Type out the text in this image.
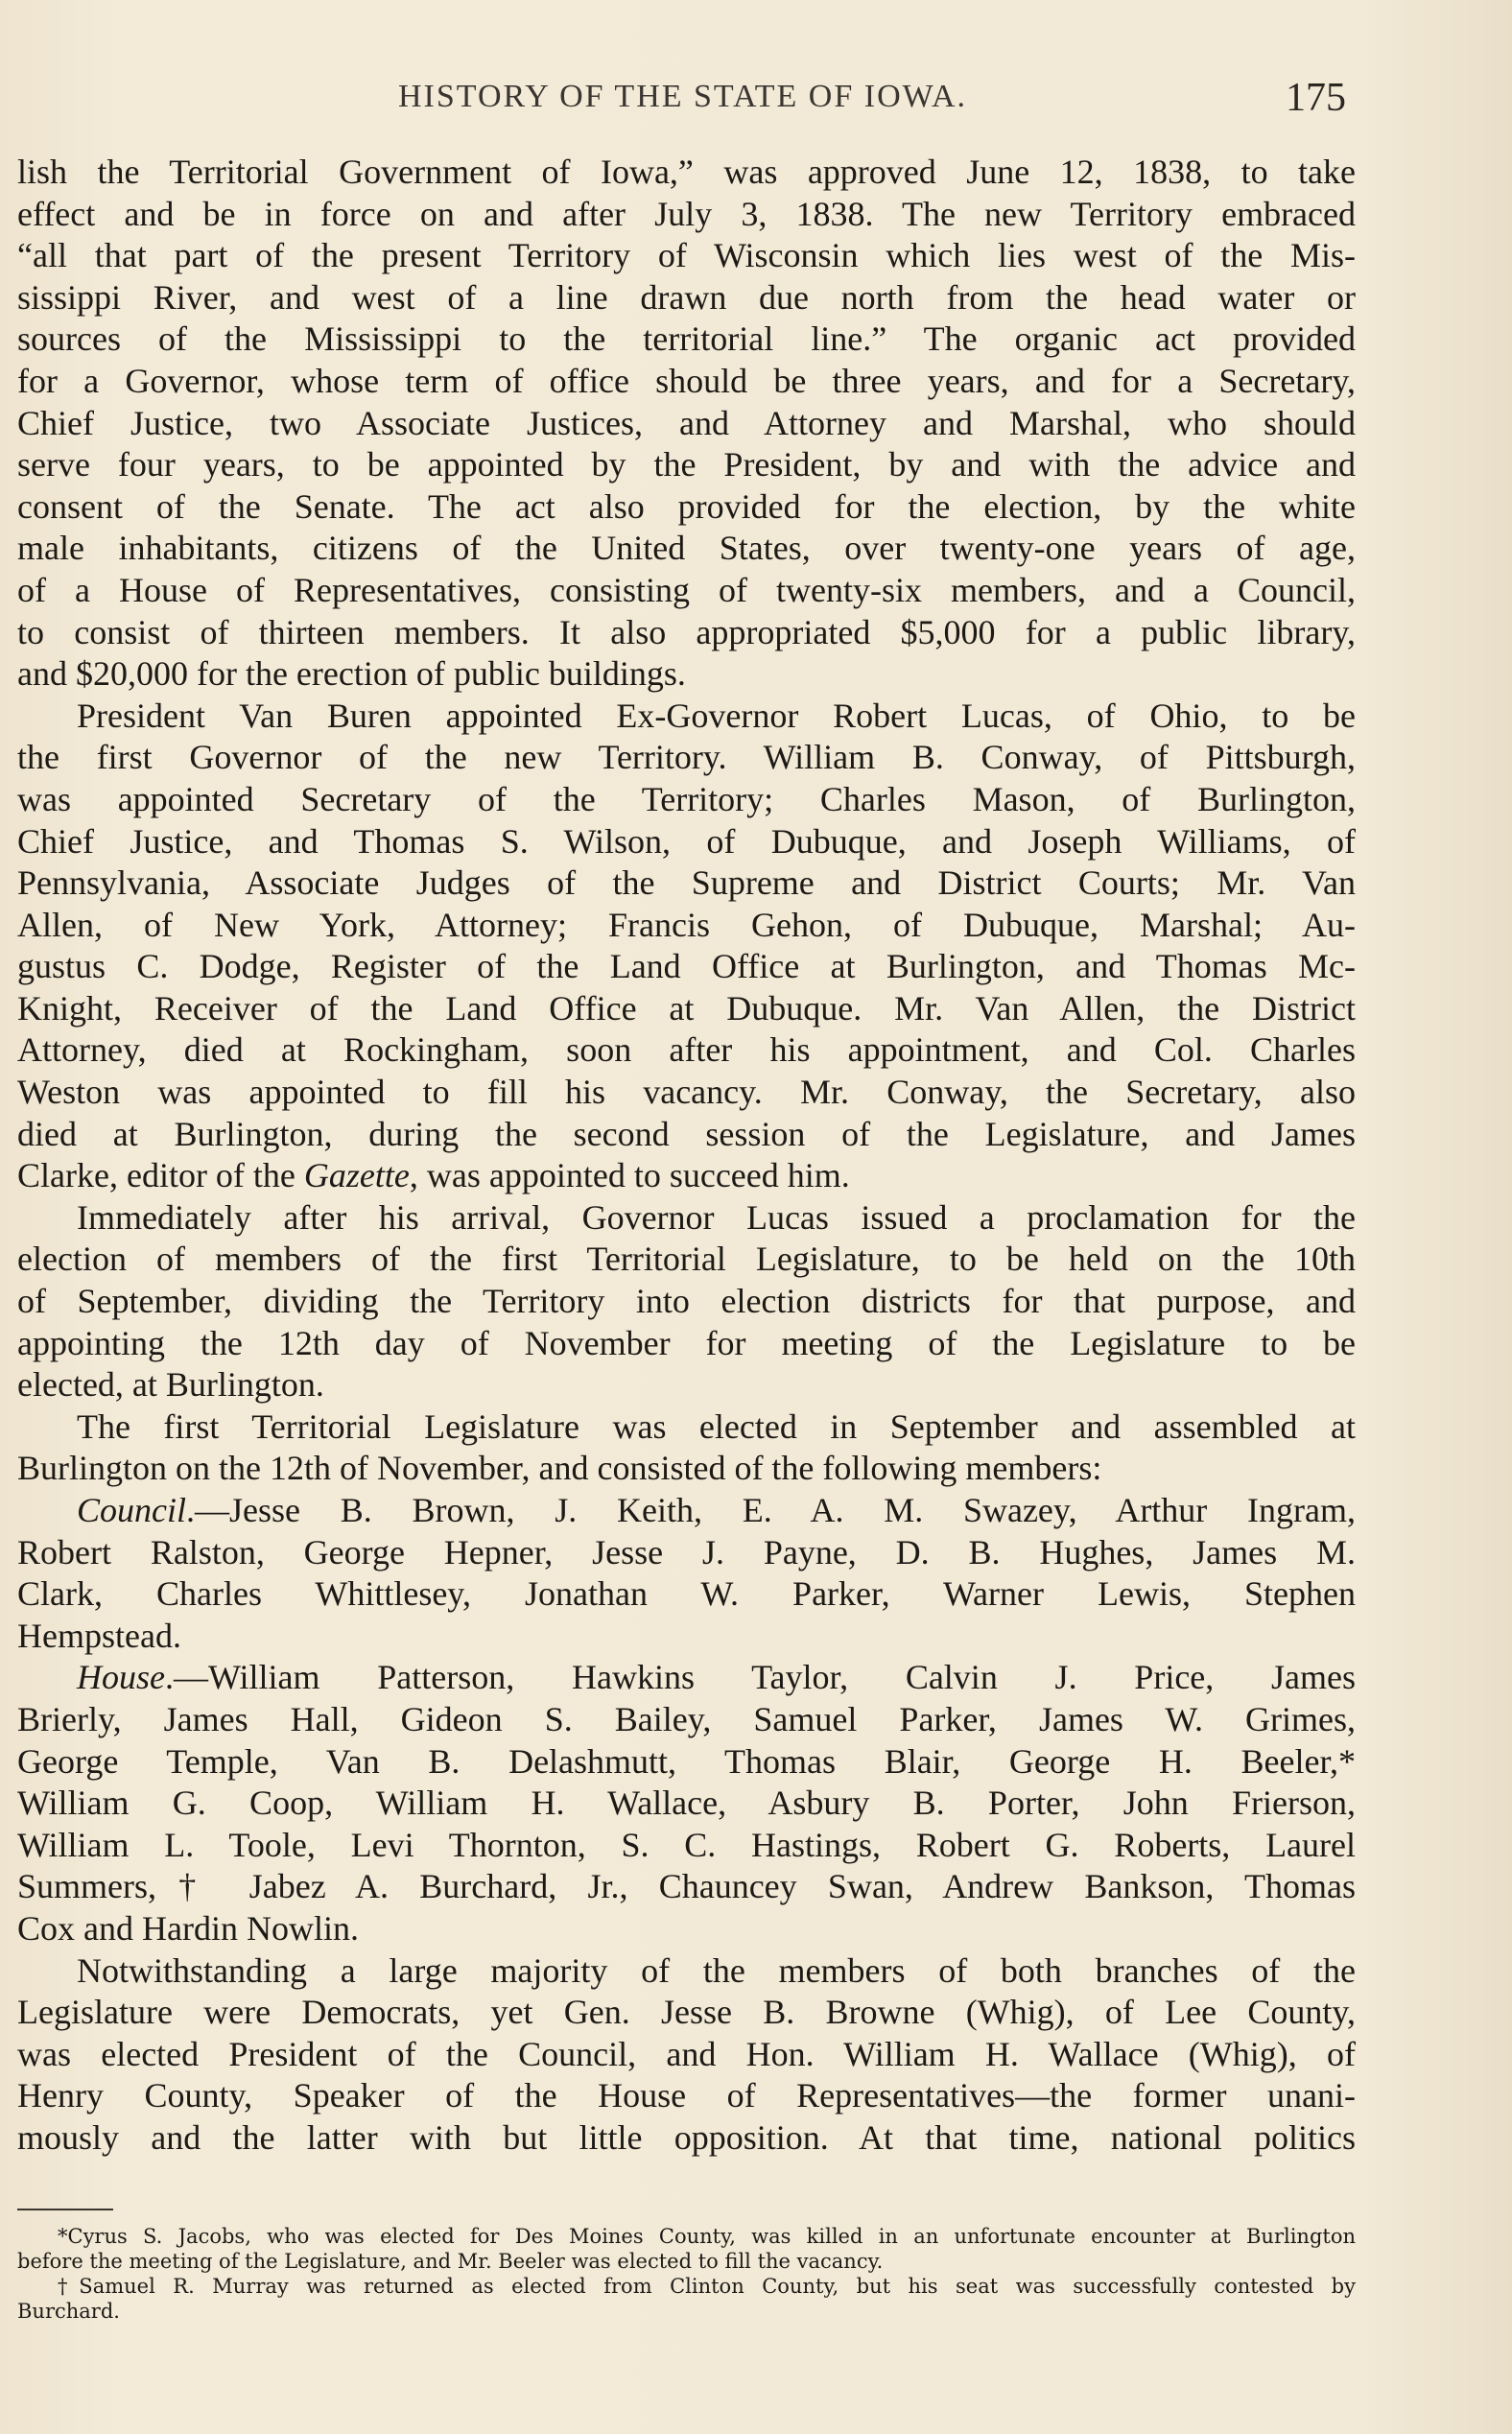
HISTORY OF THE STATE OF IOWA.	175
lish the Territorial Government of Iowa,” was approved June 12, 1838, to take
effect and be in force on and after July 3, 1838. The new Territory embraced
“all that part of the present Territory of Wisconsin which lies west of the Mis-
sissippi River, and west of a line drawn due north from the head water or
sources of the Mississippi to the territorial line.” The organic act provided
for a Governor, whose term of office should be three years, and for a Secretary,
Chief Justice, two Associate Justices, and Attorney and Marshal, who should
serve four years, to be appointed by the President, by and with the advice and
consent of the Senate. The act also provided for the election, by the white
male inhabitants, citizens of the United States, over twenty-one years of age,
of a House of Representatives, consisting of twenty-six members, and a Council,
to consist of thirteen members. It also appropriated $5,000 for a public library,
and $20,000 for the erection of public buildings.
President Van Buren appointed Ex-Governor Robert Lucas, of Ohio, to be
the first Governor of the new Territory. William B. Conway, of Pittsburgh,
was appointed Secretary of the Territory; Charles Mason, of Burlington,
Chief Justice, and Thomas S. Wilson, of Dubuque, and Joseph Williams, of
Pennsylvania, Associate Judges of the Supreme and District Courts; Mr. Van
Allen, of New York, Attorney; Francis Gehon, of Dubuque, Marshal; Au-
gustus C. Dodge, Register of the Land Office at Burlington, and Thomas Mc-
Knight, Receiver of the Land Office at Dubuque. Mr. Van Allen, the District
Attorney, died at Rockingham, soon after his appointment, and Col. Charles
Weston was appointed to fill his vacancy. Mr. Conway, the Secretary, also
died at Burlington, during the second session of the Legislature, and James
Clarke, editor of the Gazette, was appointed to succeed him.
Immediately after his arrival, Governor Lucas issued a proclamation for the
election of members of the first Territorial Legislature, to be held on the 10th
of September, dividing the Territory into election districts for that purpose, and
appointing the 12th day of November for meeting of the Legislature to be
elected, at Burlington.
The first Territorial Legislature was elected in September and assembled at
Burlington on the 12th of November, and consisted of the following members:
Council.—Jesse B. Brown, J. Keith, E. A. M. Swazey, Arthur Ingram,
Robert Ralston, George Hepner, Jesse J. Payne, D. B. Hughes, James M.
Clark, Charles Whittlesey, Jonathan W. Parker, Warner Lewis, Stephen
Hempstead.
House.—William Patterson, Hawkins Taylor, Calvin J. Price, James
Brierly, James Hall, Gideon S. Bailey, Samuel Parker, James W. Grimes,
George Temple, Van B. Delashmutt, Thomas Blair, George H. Beeler,*
William G. Coop, William H. Wallace, Asbury B. Porter, John Frierson,
William L. Toole, Levi Thornton, S. C. Hastings, Robert G. Roberts, Laurel
Summers,† Jabez A. Burchard, Jr., Chauncey Swan, Andrew Bankson, Thomas
Cox and Hardin Nowlin.
Notwithstanding a large majority of the members of both branches of the
Legislature were Democrats, yet Gen. Jesse B. Browne (Whig), of Lee County,
was elected President of the Council, and Hon. William H. Wallace (Whig), of
Henry County, Speaker of the House of Representatives—the former unani-
mously and the latter with but little opposition. At that time, national politics
*Cyrus S. Jacobs, who was elected for Des Moines County, was killed in an unfortunate encounter at Burlington
before the meeting of the Legislature, and Mr. Beeler was elected to fill the vacancy.
†Samuel R. Murray was returned as elected from Clinton County, but his seat was successfully contested by
Burchard.
